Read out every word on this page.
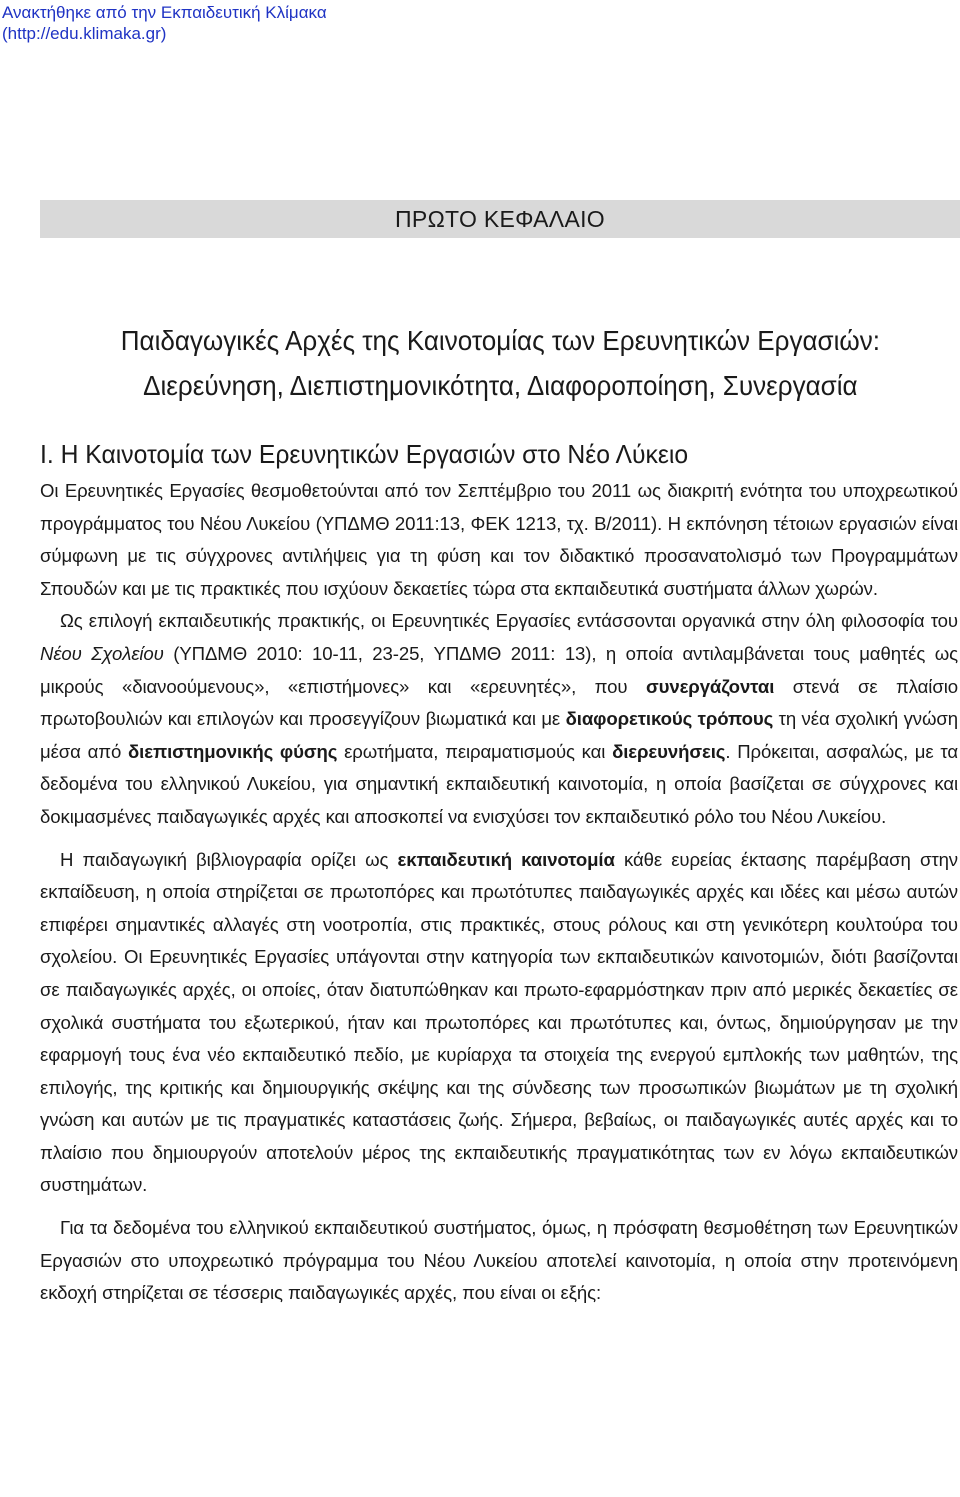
Ανακτήθηκε από την Εκπαιδευτική Κλίμακα
(http://edu.klimaka.gr)
ΠΡΩΤΟ ΚΕΦΑΛΑΙΟ
Παιδαγωγικές Αρχές της Καινοτομίας των Ερευνητικών Εργασιών:
Διερεύνηση, Διεπιστημονικότητα, Διαφοροποίηση, Συνεργασία
Ι. Η Καινοτομία των Ερευνητικών Εργασιών στο Νέο Λύκειο

Οι Ερευνητικές Εργασίες θεσμοθετούνται από τον Σεπτέμβριο του 2011 ως διακριτή ενότητα του υποχρεωτικού προγράμματος του Νέου Λυκείου (ΥΠΔΜΘ 2011:13, ΦΕΚ 1213, τχ. Β/2011). Η εκπόνηση τέτοιων εργασιών είναι σύμφωνη με τις σύγχρονες αντιλήψεις για τη φύση και τον διδακτικό προσανατολισμό των Προγραμμάτων Σπουδών και με τις πρακτικές που ισχύουν δεκαετίες τώρα στα εκπαιδευτικά συστήματα άλλων χωρών.

Ως επιλογή εκπαιδευτικής πρακτικής, οι Ερευνητικές Εργασίες εντάσσονται οργανικά στην όλη φιλοσοφία του Νέου Σχολείου (ΥΠΔΜΘ 2010: 10-11, 23-25, ΥΠΔΜΘ 2011: 13), η οποία αντιλαμβάνεται τους μαθητές ως μικρούς «διανοούμενους», «επιστήμονες» και «ερευνητές», που συνεργάζονται στενά σε πλαίσιο πρωτοβουλιών και επιλογών και προσεγγίζουν βιωματικά και με διαφορετικούς τρόπους τη νέα σχολική γνώση μέσα από διεπιστημονικής φύσης ερωτήματα, πειραματισμούς και διερευνήσεις. Πρόκειται, ασφαλώς, με τα δεδομένα του ελληνικού Λυκείου, για σημαντική εκπαιδευτική καινοτομία, η οποία βασίζεται σε σύγχρονες και δοκιμασμένες παιδαγωγικές αρχές και αποσκοπεί να ενισχύσει τον εκπαιδευτικό ρόλο του Νέου Λυκείου.

Η παιδαγωγική βιβλιογραφία ορίζει ως εκπαιδευτική καινοτομία κάθε ευρείας έκτασης παρέμβαση στην εκπαίδευση, η οποία στηρίζεται σε πρωτοπόρες και πρωτότυπες παιδαγωγικές αρχές και ιδέες και μέσω αυτών επιφέρει σημαντικές αλλαγές στη νοοτροπία, στις πρακτικές, στους ρόλους και στη γενικότερη κουλτούρα του σχολείου. Οι Ερευνητικές Εργασίες υπάγονται στην κατηγορία των εκπαιδευτικών καινοτομιών, διότι βασίζονται σε παιδαγωγικές αρχές, οι οποίες, όταν διατυπώθηκαν και πρωτο-εφαρμόστηκαν πριν από μερικές δεκαετίες σε σχολικά συστήματα του εξωτερικού, ήταν και πρωτοπόρες και πρωτότυπες και, όντως, δημιούργησαν με την εφαρμογή τους ένα νέο εκπαιδευτικό πεδίο, με κυρίαρχα τα στοιχεία της ενεργού εμπλοκής των μαθητών, της επιλογής, της κριτικής και δημιουργικής σκέψης και της σύνδεσης των προσωπικών βιωμάτων με τη σχολική γνώση και αυτών με τις πραγματικές καταστάσεις ζωής. Σήμερα, βεβαίως, οι παιδαγωγικές αυτές αρχές και το πλαίσιο που δημιουργούν αποτελούν μέρος της εκπαιδευτικής πραγματικότητας των εν λόγω εκπαιδευτικών συστημάτων.

Για τα δεδομένα του ελληνικού εκπαιδευτικού συστήματος, όμως, η πρόσφατη θεσμοθέτηση των Ερευνητικών Εργασιών στο υποχρεωτικό πρόγραμμα του Νέου Λυκείου αποτελεί καινοτομία, η οποία στην προτεινόμενη εκδοχή στηρίζεται σε τέσσερις παιδαγωγικές αρχές, που είναι οι εξής:
